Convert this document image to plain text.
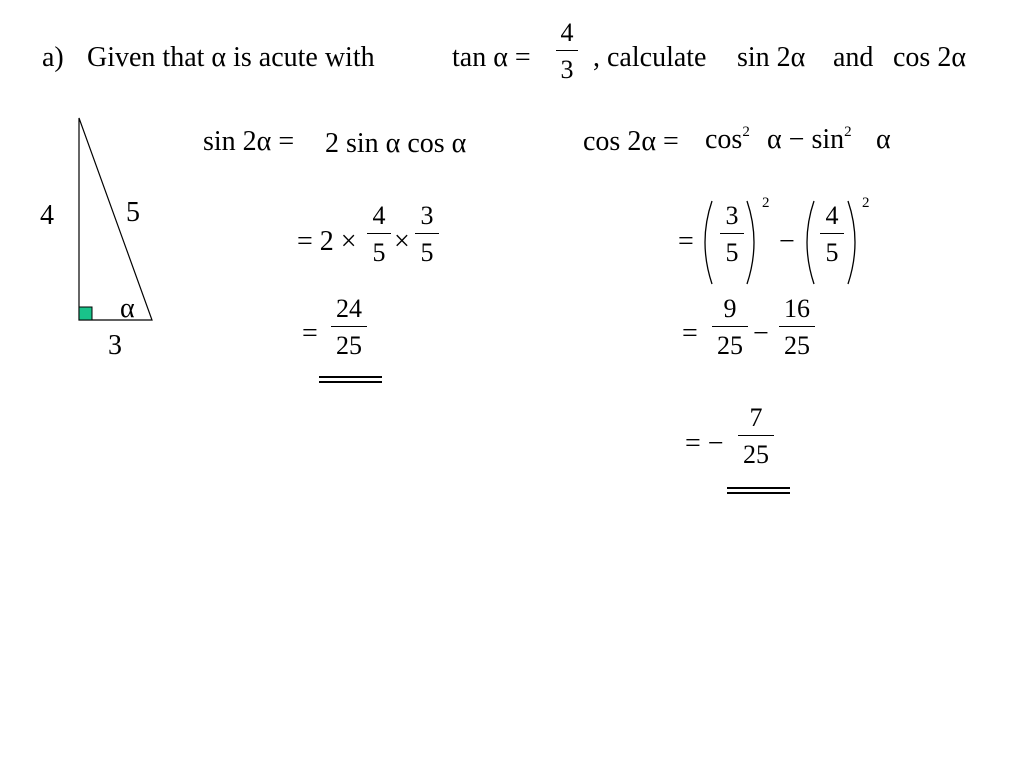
a) Given that α is acute with	tan α =
4
3 , calculate sin 2α and cos 2α
4	5
α
3
sin 2α = 2 sin α cos α
= 2 ×
4
5 ×
3
5
=
24
25
$\cos 2\alpha = \cos^2 \alpha - \sin^2 \alpha$
=
3
5
2
−
4
5
2
=
9
25 −
16
25
= −
7
25
